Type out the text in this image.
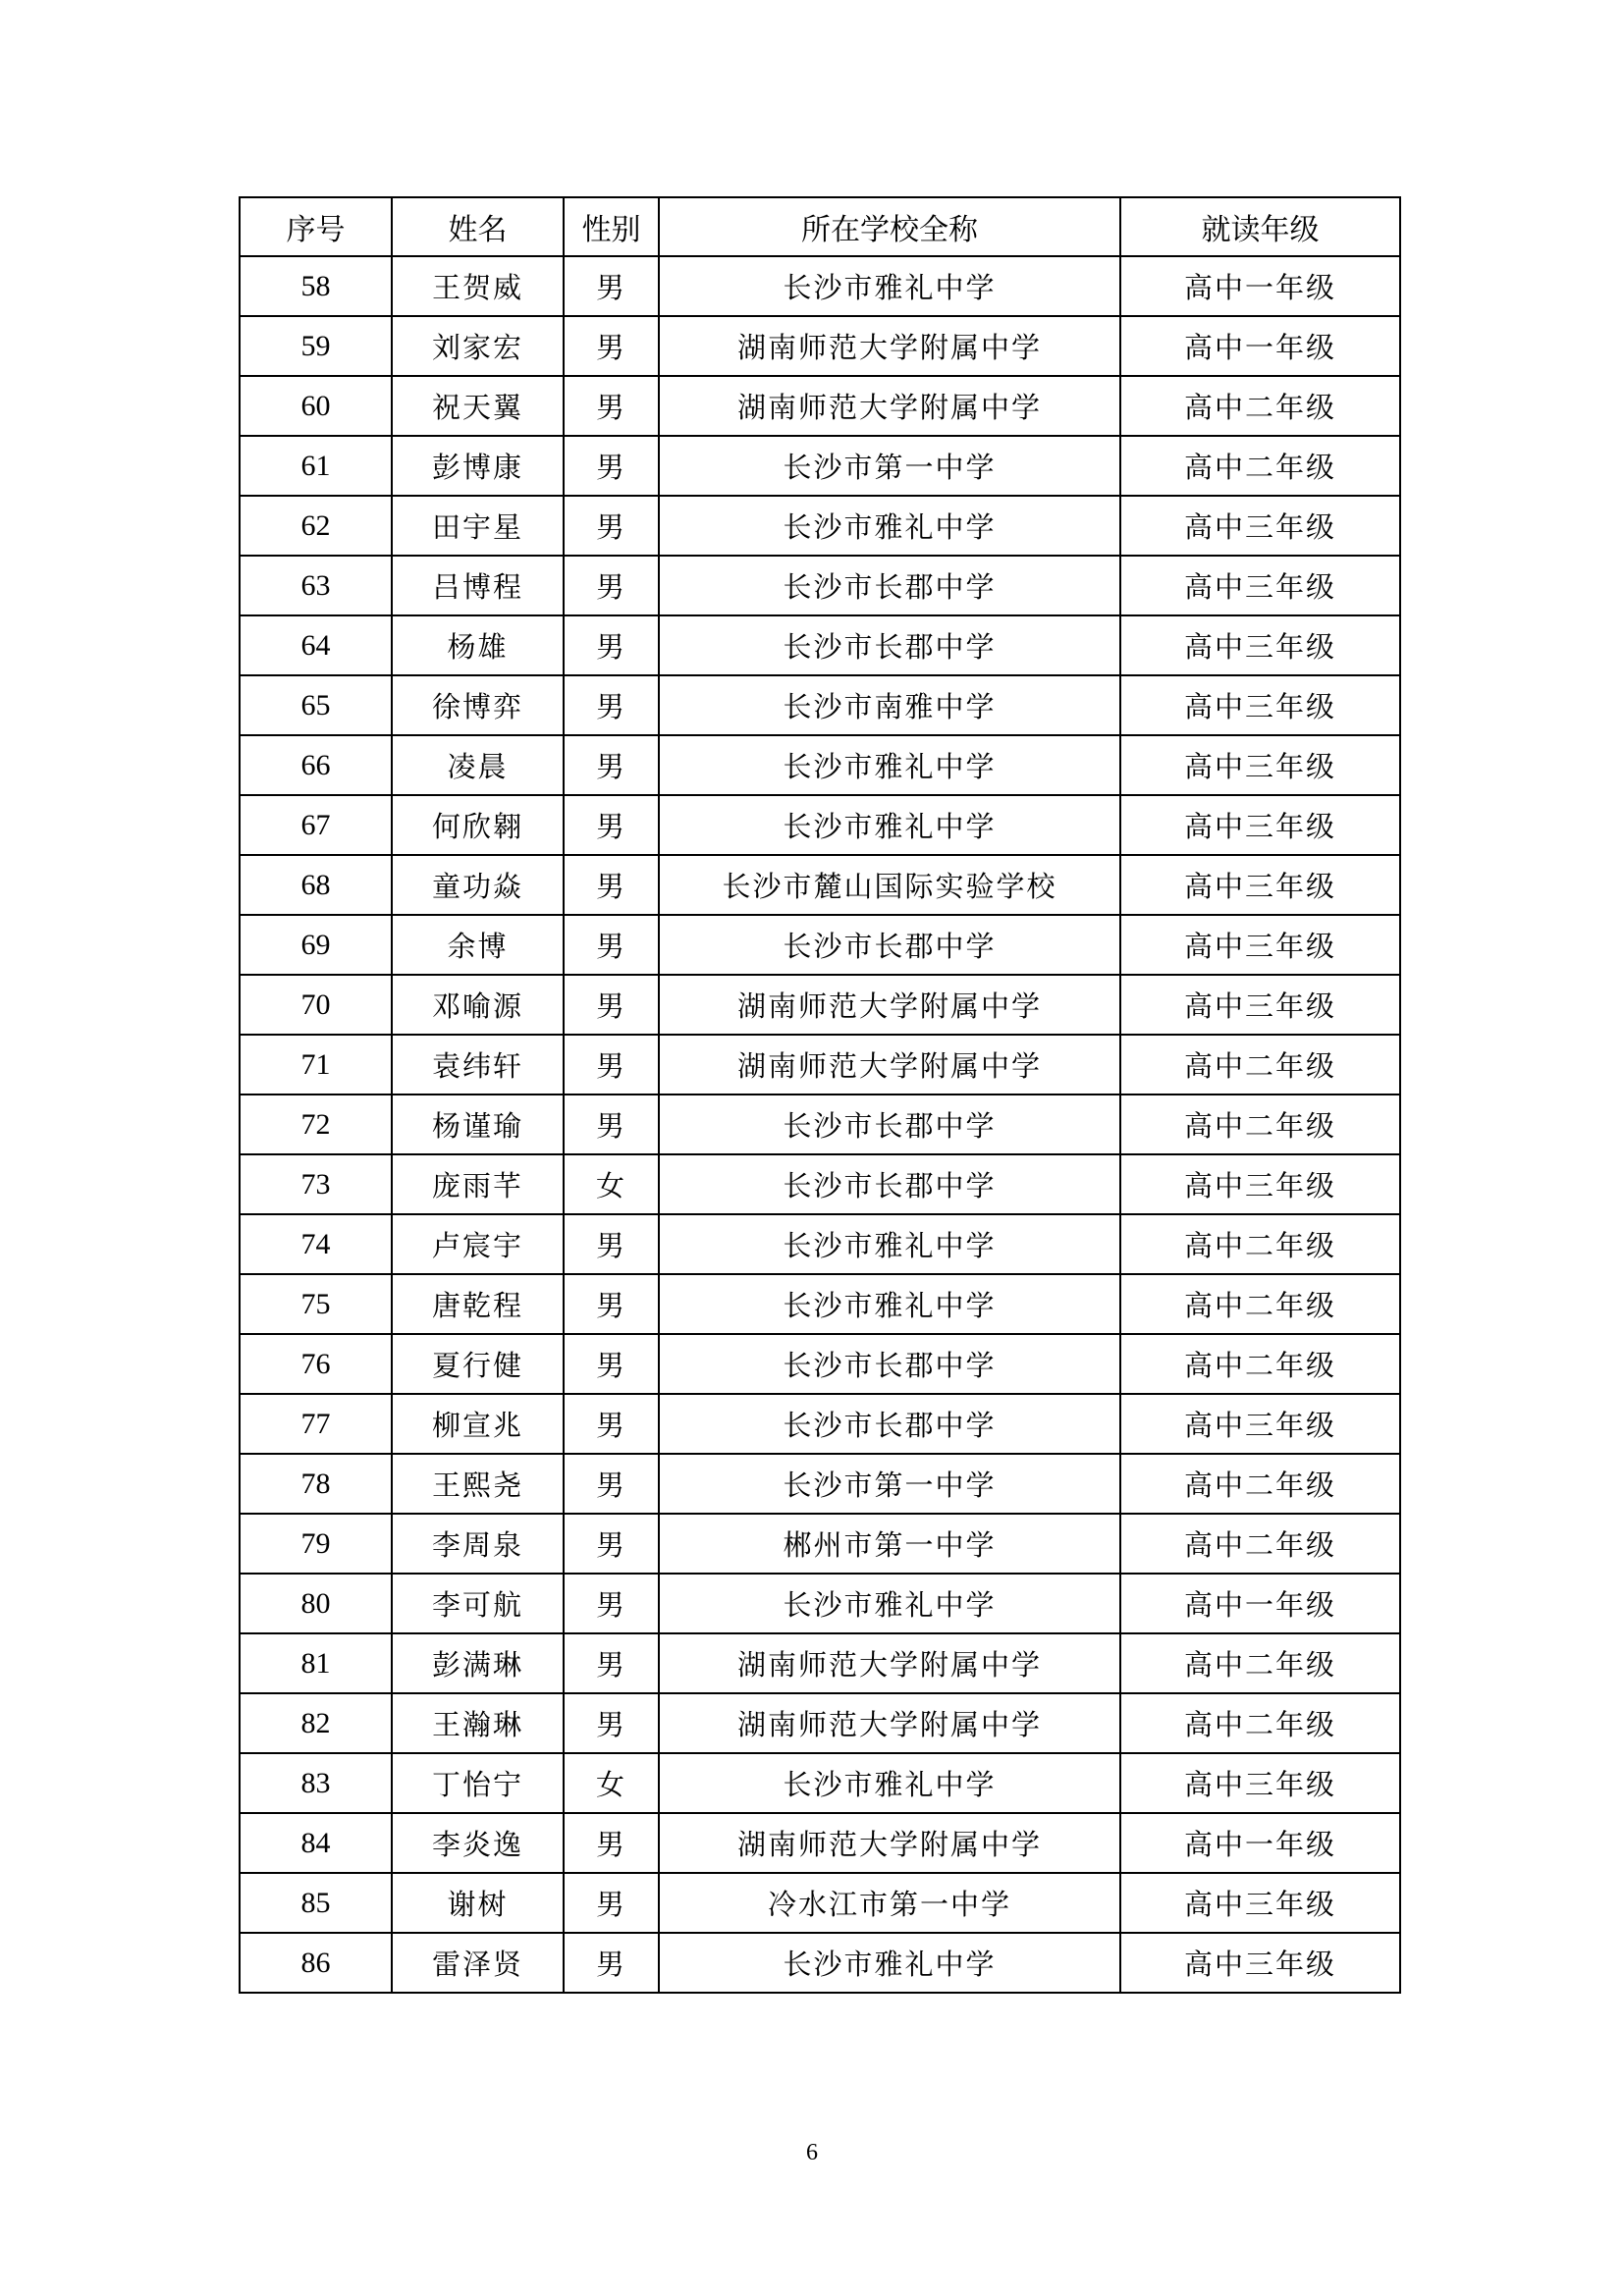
序号	姓名	性别	所在学校全称	就读年级
58	王贺威	男	长沙市雅礼中学	高中一年级
59	刘家宏	男	湖南师范大学附属中学	高中一年级
60	祝天翼	男	湖南师范大学附属中学	高中二年级
61	彭博康	男	长沙市第一中学	高中二年级
62	田宇星	男	长沙市雅礼中学	高中三年级
63	吕博程	男	长沙市长郡中学	高中三年级
64	杨雄	男	长沙市长郡中学	高中三年级
65	徐博弈	男	长沙市南雅中学	高中三年级
66	凌晨	男	长沙市雅礼中学	高中三年级
67	何欣翱	男	长沙市雅礼中学	高中三年级
68	童功焱	男	长沙市麓山国际实验学校	高中三年级
69	余博	男	长沙市长郡中学	高中三年级
70	邓喻源	男	湖南师范大学附属中学	高中三年级
71	袁纬轩	男	湖南师范大学附属中学	高中二年级
72	杨谨瑜	男	长沙市长郡中学	高中二年级
73	庞雨芊	女	长沙市长郡中学	高中三年级
74	卢宸宇	男	长沙市雅礼中学	高中二年级
75	唐乾程	男	长沙市雅礼中学	高中二年级
76	夏行健	男	长沙市长郡中学	高中二年级
77	柳宣兆	男	长沙市长郡中学	高中三年级
78	王熙尧	男	长沙市第一中学	高中二年级
79	李周泉	男	郴州市第一中学	高中二年级
80	李可航	男	长沙市雅礼中学	高中一年级
81	彭满琳	男	湖南师范大学附属中学	高中二年级
82	王瀚琳	男	湖南师范大学附属中学	高中二年级
83	丁怡宁	女	长沙市雅礼中学	高中三年级
84	李炎逸	男	湖南师范大学附属中学	高中一年级
85	谢树	男	冷水江市第一中学	高中三年级
86	雷泽贤	男	长沙市雅礼中学	高中三年级
6
